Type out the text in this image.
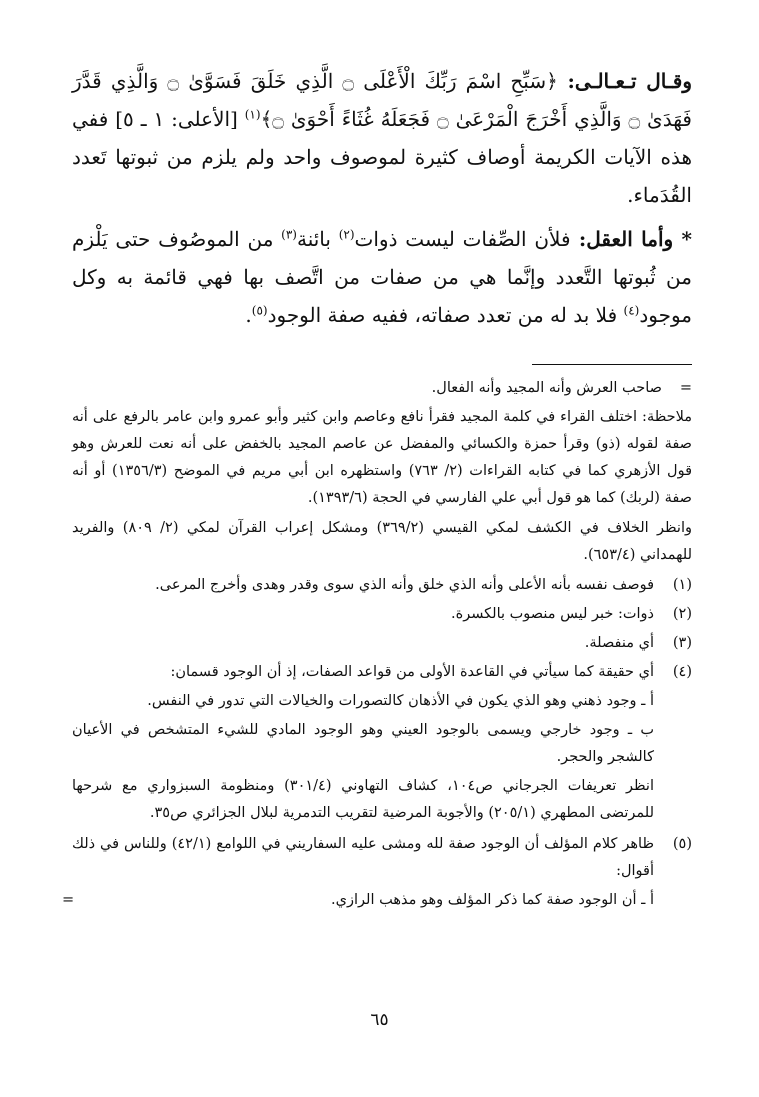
وقـال تـعـالـى: ﴿سَبِّحِ اسْمَ رَبِّكَ الْأَعْلَى ۝ الَّذِي خَلَقَ فَسَوَّىٰ ۝ وَالَّذِي قَدَّرَ فَهَدَىٰ ۝ وَالَّذِي أَخْرَجَ الْمَرْعَىٰ ۝ فَجَعَلَهُ غُثَاءً أَحْوَىٰ ۝﴾$^{(١)}$ [الأعلى: ١ ـ ٥] ففي هذه الآيات الكريمة أوصاف كثيرة لموصوف واحد ولم يلزم من ثبوتها تَعدد القُدَماء.

* وأما العقل: فلأن الصِّفات ليست ذوات$^{(٢)}$ بائنة$^{(٣)}$ من الموصُوف حتى يَلْزم من ثُبوتها التَّعدد وإنَّما هي من صفات من اتَّصف بها فهي قائمة به وكل موجود$^{(٤)}$ فلا بد له من تعدد صفاته، ففيه صفة الوجود$^{(٥)}$.

=
صاحب العرش وأنه المجيد وأنه الفعال.

ملاحظة: اختلف القراء في كلمة المجيد فقرأ نافع وعاصم وابن كثير وأبو عمرو وابن عامر بالرفع على أنه صفة لقوله (ذو) وقرأ حمزة والكسائي والمفضل عن عاصم المجيد بالخفض على أنه نعت للعرش وهو قول الأزهري كما في كتابه القراءات (٢/ ٧٦٣) واستظهره ابن أبي مريم في الموضح (١٣٥٦/٣) أو أنه صفة (لربك) كما هو قول أبي علي الفارسي في الحجة (١٣٩٣/٦).

وانظر الخلاف في الكشف لمكي القيسي (٣٦٩/٢) ومشكل إعراب القرآن لمكي (٢/ ٨٠٩) والفريد للهمداني (٦٥٣/٤).

(١)
فوصف نفسه بأنه الأعلى وأنه الذي خلق وأنه الذي سوى وقدر وهدى وأخرج المرعى.
(٢)
ذوات: خبر ليس منصوب بالكسرة.
(٣)
أي منفصلة.
(٤)

أي حقيقة كما سيأتي في القاعدة الأولى من قواعد الصفات، إذ أن الوجود قسمان:

أ ـ وجود ذهني وهو الذي يكون في الأذهان كالتصورات والخيالات التي تدور في النفس.

ب ـ وجود خارجي ويسمى بالوجود العيني وهو الوجود المادي للشيء المتشخص في الأعيان كالشجر والحجر.

انظر تعريفات الجرجاني ص١٠٤، كشاف التهاوني (٣٠١/٤) ومنظومة السبزواري مع شرحها للمرتضى المطهري (٢٠٥/١) والأجوبة المرضية لتقريب التدمرية لبلال الجزائري ص٣٥.

(٥)

ظاهر كلام المؤلف أن الوجود صفة لله ومشى عليه السفاريني في اللوامع (٤٢/١) وللناس في ذلك أقوال:

أ ـ أن الوجود صفة كما ذكر المؤلف وهو مذهب الرازي.

=
٦٥
